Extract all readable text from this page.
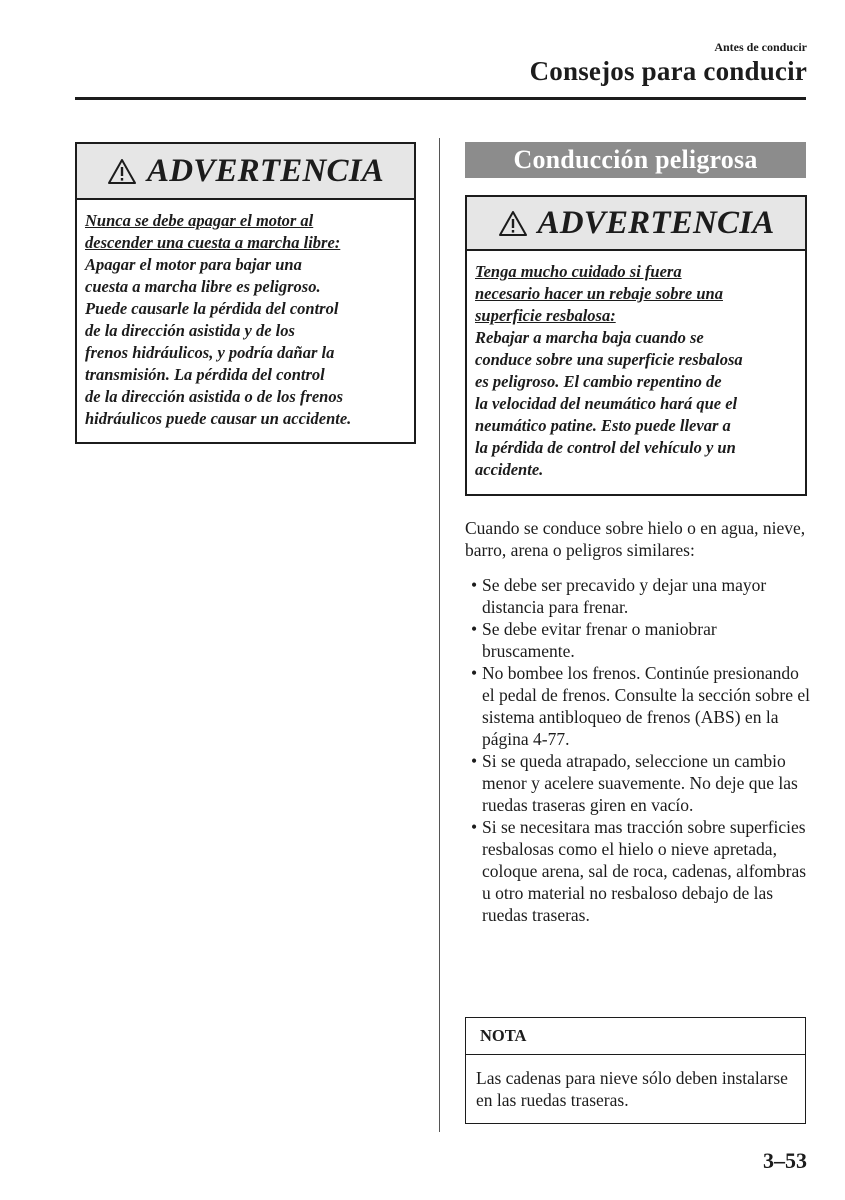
Antes de conducir
Consejos para conducir
ADVERTENCIA
Nunca se debe apagar el motor al
descender una cuesta a marcha libre:
Apagar el motor para bajar una
cuesta a marcha libre es peligroso.
Puede causarle la pérdida del control
de la dirección asistida y de los
frenos hidráulicos, y podría dañar la
transmisión. La pérdida del control
de la dirección asistida o de los frenos
hidráulicos puede causar un accidente.
Conducción peligrosa
ADVERTENCIA
Tenga mucho cuidado si fuera
necesario hacer un rebaje sobre una
superficie resbalosa:
Rebajar a marcha baja cuando se
conduce sobre una superficie resbalosa
es peligroso. El cambio repentino de
la velocidad del neumático hará que el
neumático patine. Esto puede llevar a
la pérdida de control del vehículo y un
accidente.
Cuando se conduce sobre hielo o en agua, nieve, barro, arena o peligros similares:
• Se debe ser precavido y dejar una mayor distancia para frenar.
• Se debe evitar frenar o maniobrar bruscamente.
• No bombee los frenos. Continúe presionando el pedal de frenos. Consulte la sección sobre el sistema antibloqueo de frenos (ABS) en la página 4-77.
• Si se queda atrapado, seleccione un cambio menor y acelere suavemente. No deje que las ruedas traseras giren en vacío.
• Si se necesitara mas tracción sobre superficies resbalosas como el hielo o nieve apretada, coloque arena, sal de roca, cadenas, alfombras u otro material no resbaloso debajo de las ruedas traseras.
NOTA
Las cadenas para nieve sólo deben instalarse en las ruedas traseras.
3–53
